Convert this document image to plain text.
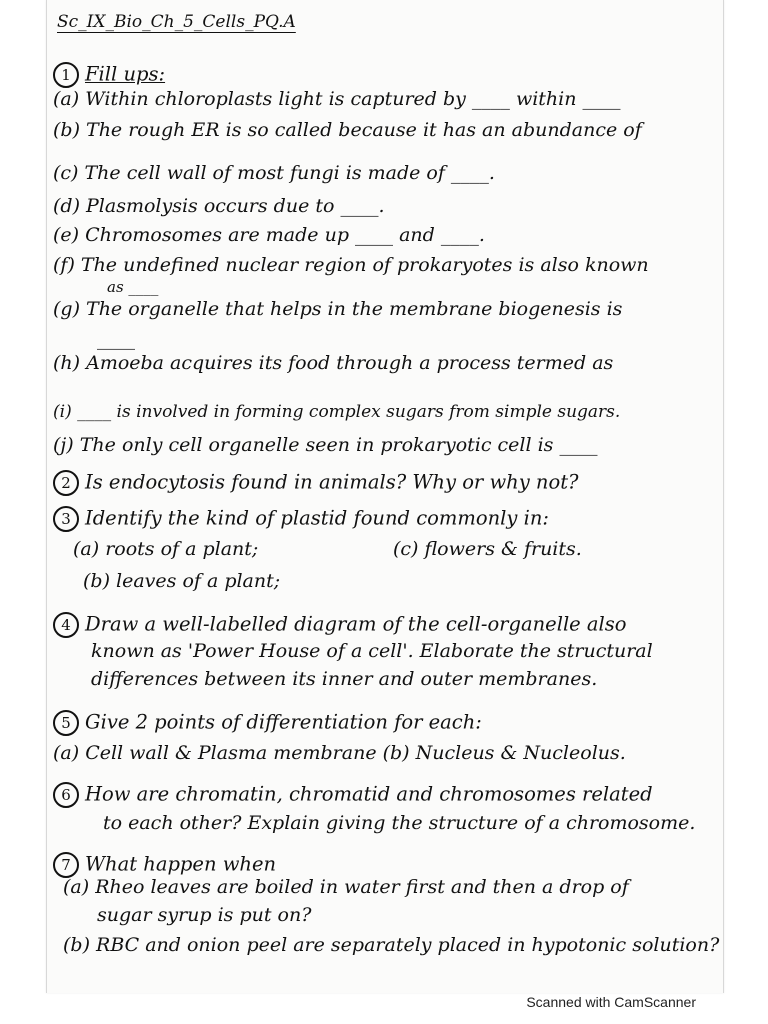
Sc_IX_Bio_Ch_5_Cells_PQ.A
1 Fill ups:
(a) Within chloroplasts light is captured by ____ within ____
(b) The rough ER is so called because it has an abundance of
(c) The cell wall of most fungi is made of ____.
(d) Plasmolysis occurs due to ____.
(e) Chromosomes are made up ____ and ____.
(f) The undefined nuclear region of prokaryotes is also known
as ____
(g) The organelle that helps in the membrane biogenesis is
____
(h) Amoeba acquires its food through a process termed as
(i) ____ is involved in forming complex sugars from simple sugars.
(j) The only cell organelle seen in prokaryotic cell is ____
2 Is endocytosis found in animals? Why or why not?
3 Identify the kind of plastid found commonly in:
(a) roots of a plant;	(c) flowers & fruits.
(b) leaves of a plant;
4 Draw a well-labelled diagram of the cell-organelle also
known as 'Power House of a cell'. Elaborate the structural
differences between its inner and outer membranes.
5 Give 2 points of differentiation for each:
(a) Cell wall & Plasma membrane (b) Nucleus & Nucleolus.
6 How are chromatin, chromatid and chromosomes related
to each other? Explain giving the structure of a chromosome.
7 What happen when
(a) Rheo leaves are boiled in water first and then a drop of
sugar syrup is put on?
(b) RBC and onion peel are separately placed in hypotonic solution?
Scanned with CamScanner
